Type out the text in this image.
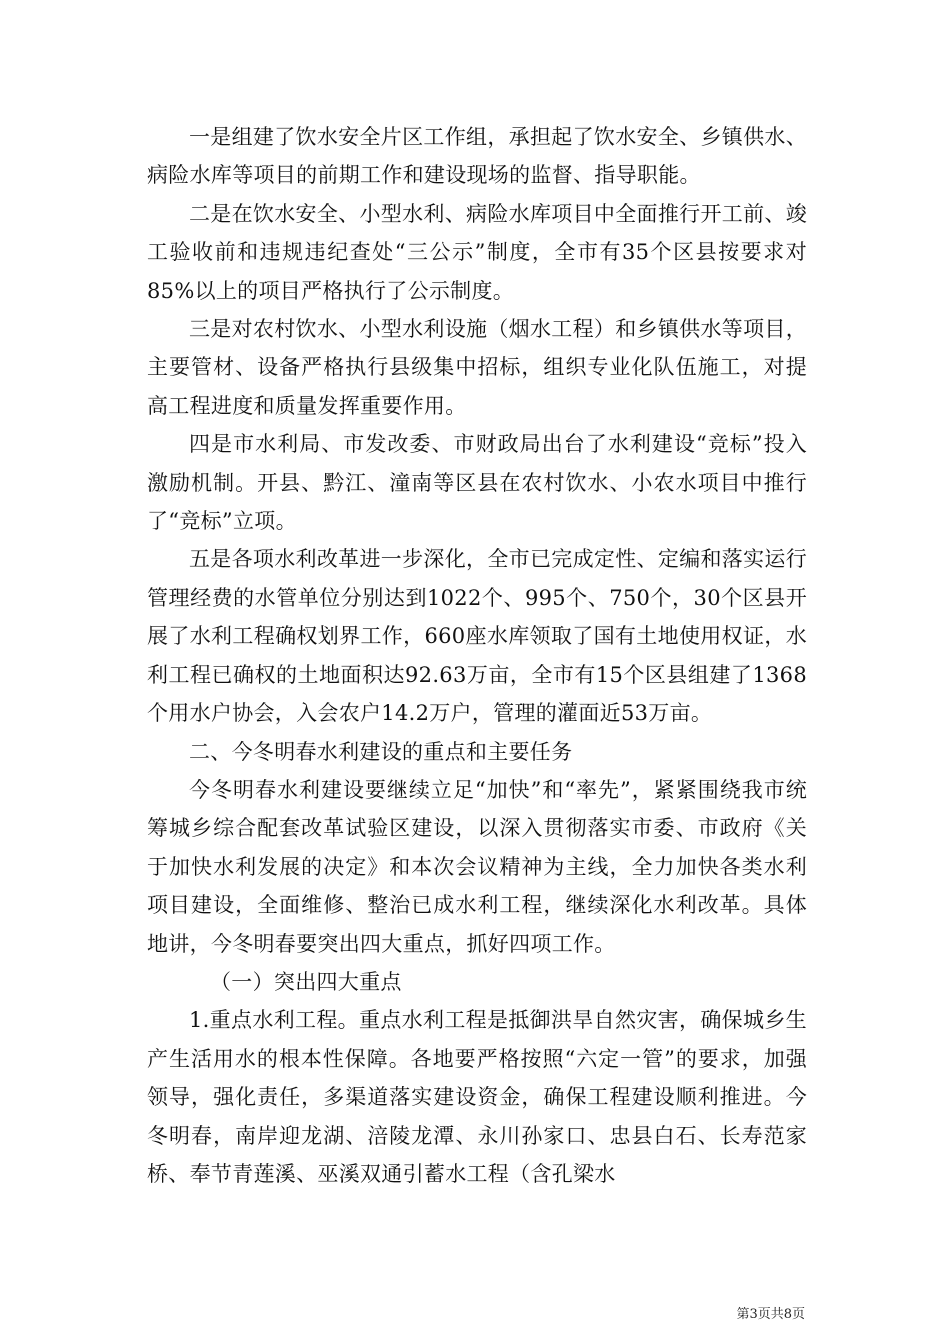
一是组建了饮水安全片区工作组，承担起了饮水安全、乡镇供水、病险水库等项目的前期工作和建设现场的监督、指导职能。

二是在饮水安全、小型水利、病险水库项目中全面推行开工前、竣工验收前和违规违纪查处“三公示”制度，全市有35个区县按要求对85%以上的项目严格执行了公示制度。

三是对农村饮水、小型水利设施（烟水工程）和乡镇供水等项目，主要管材、设备严格执行县级集中招标，组织专业化队伍施工，对提高工程进度和质量发挥重要作用。

四是市水利局、市发改委、市财政局出台了水利建设“竞标”投入激励机制。开县、黔江、潼南等区县在农村饮水、小农水项目中推行了“竞标”立项。

五是各项水利改革进一步深化，全市已完成定性、定编和落实运行管理经费的水管单位分别达到1022个、995个、750个，30个区县开展了水利工程确权划界工作，660座水库领取了国有土地使用权证，水利工程已确权的土地面积达92.63万亩，全市有15个区县组建了1368个用水户协会，入会农户14.2万户，管理的灌面近53万亩。

二、今冬明春水利建设的重点和主要任务

今冬明春水利建设要继续立足“加快”和“率先”，紧紧围绕我市统筹城乡综合配套改革试验区建设，以深入贯彻落实市委、市政府《关于加快水利发展的决定》和本次会议精神为主线，全力加快各类水利项目建设，全面维修、整治已成水利工程，继续深化水利改革。具体地讲，今冬明春要突出四大重点，抓好四项工作。

（一）突出四大重点

1.重点水利工程。重点水利工程是抵御洪旱自然灾害，确保城乡生产生活用水的根本性保障。各地要严格按照“六定一管”的要求，加强领导，强化责任，多渠道落实建设资金，确保工程建设顺利推进。今冬明春，南岸迎龙湖、涪陵龙潭、永川孙家口、忠县白石、长寿范家桥、奉节青莲溪、巫溪双通引蓄水工程（含孔梁水

第3页共8页
